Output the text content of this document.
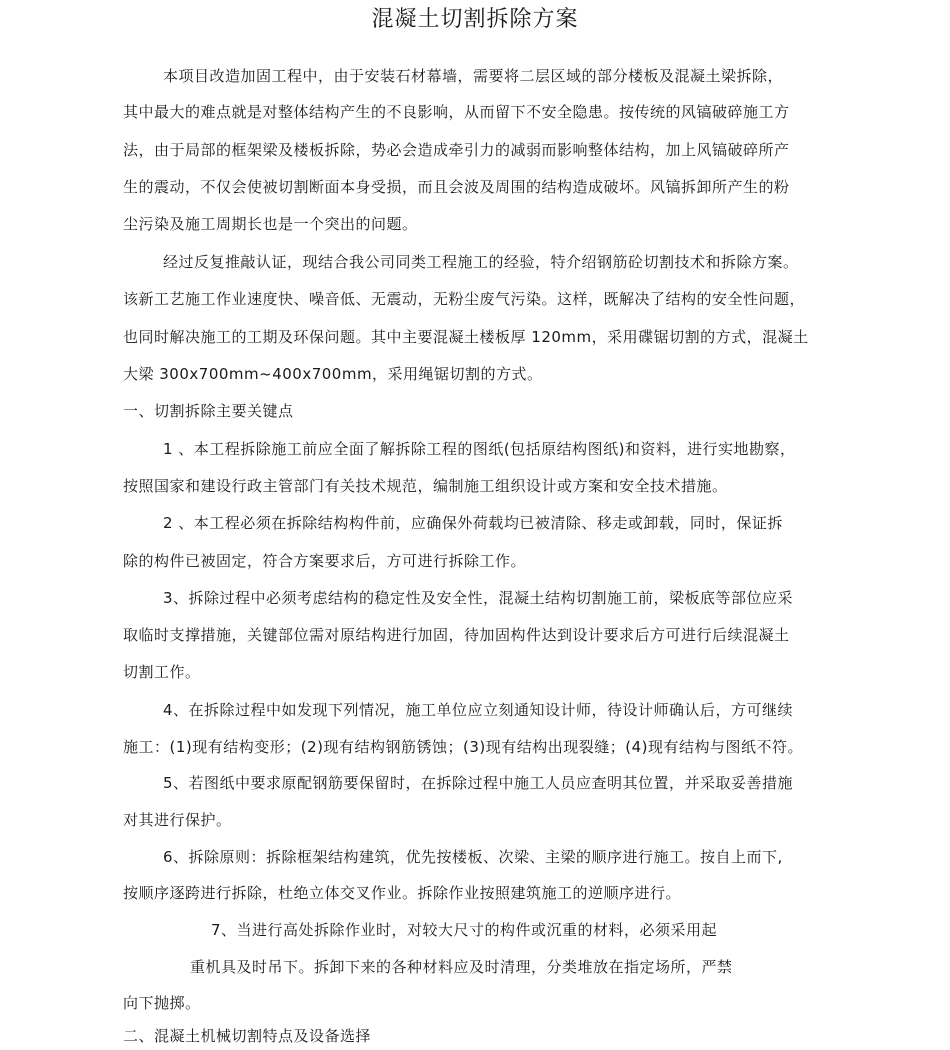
混凝土切割拆除方案

本项目改造加固工程中，由于安装石材幕墙，需要将二层区域的部分楼板及混凝土梁拆除，

其中最大的难点就是对整体结构产生的不良影响，从而留下不安全隐患。按传统的风镐破碎施工方

法，由于局部的框架梁及楼板拆除，势必会造成牵引力的减弱而影响整体结构，加上风镐破碎所产

生的震动，不仅会使被切割断面本身受损，而且会波及周围的结构造成破坏。风镐拆卸所产生的粉

尘污染及施工周期长也是一个突出的问题。

经过反复推敲认证，现结合我公司同类工程施工的经验，特介绍钢筋砼切割技术和拆除方案。

该新工艺施工作业速度快、噪音低、无震动，无粉尘废气污染。这样，既解决了结构的安全性问题，

也同时解决施工的工期及环保问题。其中主要混凝土楼板厚 120mm，采用碟锯切割的方式，混凝土

大梁 300x700mm~400x700mm，采用绳锯切割的方式。

一、切割拆除主要关键点

1 、本工程拆除施工前应全面了解拆除工程的图纸(包括原结构图纸)和资料，进行实地勘察，

按照国家和建设行政主管部门有关技术规范，编制施工组织设计或方案和安全技术措施。

2 、本工程必须在拆除结构构件前，应确保外荷载均已被清除、移走或卸载，同时，保证拆

除的构件已被固定，符合方案要求后，方可进行拆除工作。

3、拆除过程中必须考虑结构的稳定性及安全性，混凝土结构切割施工前，梁板底等部位应采

取临时支撑措施，关键部位需对原结构进行加固，待加固构件达到设计要求后方可进行后续混凝土

切割工作。

4、在拆除过程中如发现下列情况，施工单位应立刻通知设计师，待设计师确认后，方可继续

施工：(1)现有结构变形；(2)现有结构钢筋锈蚀；(3)现有结构出现裂缝；(4)现有结构与图纸不符。

5、若图纸中要求原配钢筋要保留时，在拆除过程中施工人员应查明其位置，并采取妥善措施

对其进行保护。

6、拆除原则：拆除框架结构建筑，优先按楼板、次梁、主梁的顺序进行施工。按自上而下,

按顺序逐跨进行拆除，杜绝立体交叉作业。拆除作业按照建筑施工的逆顺序进行。

7、当进行高处拆除作业时，对较大尺寸的构件或沉重的材料，必须采用起

重机具及时吊下。拆卸下来的各种材料应及时清理，分类堆放在指定场所，严禁

向下抛掷。

二、混凝土机械切割特点及设备选择
